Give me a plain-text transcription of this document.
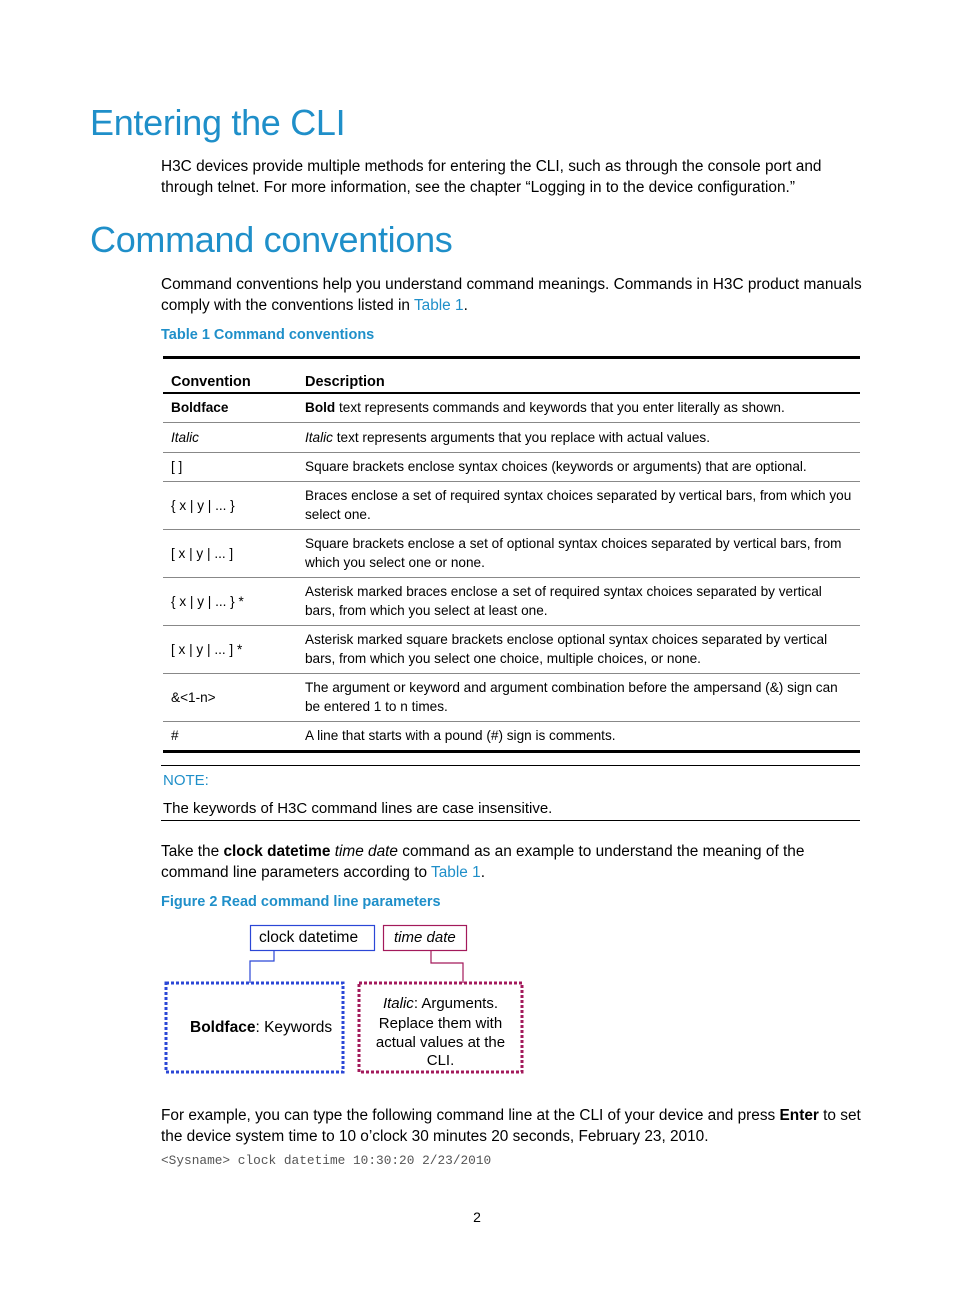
Entering the CLI

H3C devices provide multiple methods for entering the CLI, such as through the console port and through telnet. For more information, see the chapter “Logging in to the device configuration.”

Command conventions

Command conventions help you understand command meanings. Commands in H3C product manuals comply with the conventions listed in Table 1.

Table 1 Command conventions

Convention	Description
Boldface	Bold text represents commands and keywords that you enter literally as shown.
Italic	Italic text represents arguments that you replace with actual values.
[ ]	Square brackets enclose syntax choices (keywords or arguments) that are optional.
{ x | y | ... }	Braces enclose a set of required syntax choices separated by vertical bars, from which you select one.
[ x | y | ... ]	Square brackets enclose a set of optional syntax choices separated by vertical bars, from which you select one or none.
{ x | y | ... } *	Asterisk marked braces enclose a set of required syntax choices separated by vertical bars, from which you select at least one.
[ x | y | ... ] *	Asterisk marked square brackets enclose optional syntax choices separated by vertical bars, from which you select one choice, multiple choices, or none.
&<1-n>	The argument or keyword and argument combination before the ampersand (&) sign can be entered 1 to n times.
#	A line that starts with a pound (#) sign is comments.

NOTE:

The keywords of H3C command lines are case insensitive.

Take the clock datetime time date command as an example to understand the meaning of the command line parameters according to Table 1.

Figure 2 Read command line parameters

clock datetime time date
Boldface: Keywords
Italic: Arguments.
Replace them with
actual values at the
CLI.

For example, you can type the following command line at the CLI of your device and press Enter to set the device system time to 10 o’clock 30 minutes 20 seconds, February 23, 2010.

<Sysname> clock datetime 10:30:20 2/23/2010

2
